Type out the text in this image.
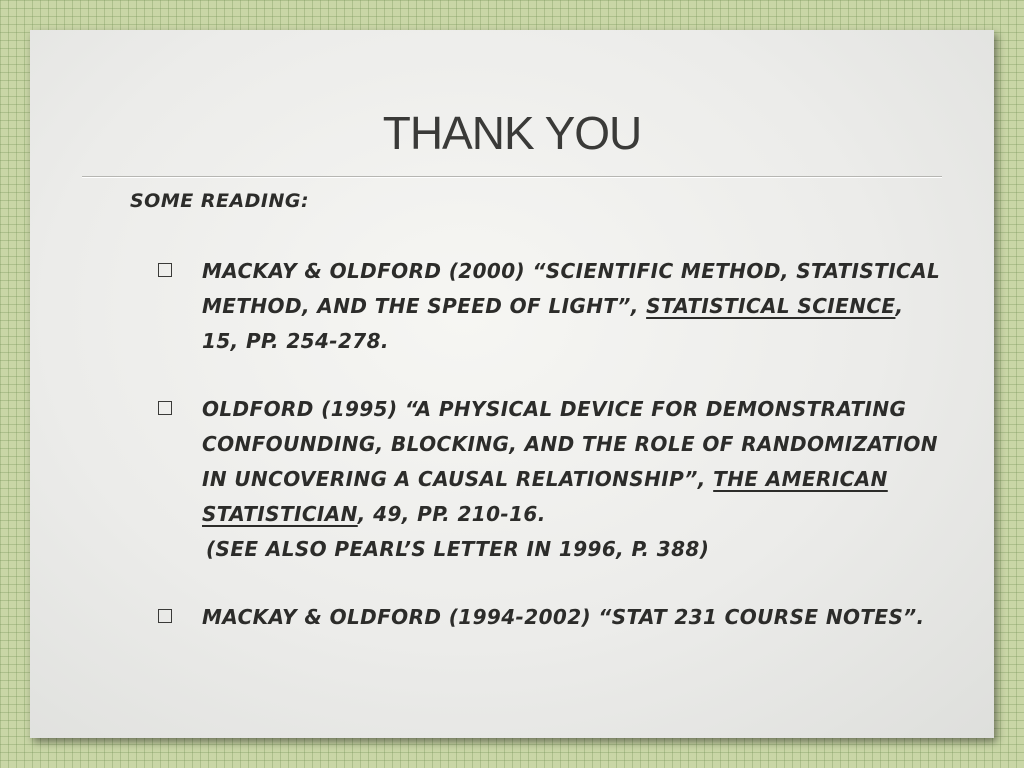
THANK YOU
SOME READING:
MACKAY & OLDFORD (2000) “SCIENTIFIC METHOD, STATISTICAL METHOD, AND THE SPEED OF LIGHT”, STATISTICAL SCIENCE, 15, PP. 254-278.
OLDFORD (1995) “A PHYSICAL DEVICE FOR DEMONSTRATING CONFOUNDING, BLOCKING, AND THE ROLE OF RANDOMIZATION IN UNCOVERING A CAUSAL RELATIONSHIP”, THE AMERICAN STATISTICIAN, 49, PP. 210-16.
(SEE ALSO PEARL’S LETTER IN 1996, P. 388)
MACKAY & OLDFORD (1994-2002) “STAT 231 COURSE NOTES”.
